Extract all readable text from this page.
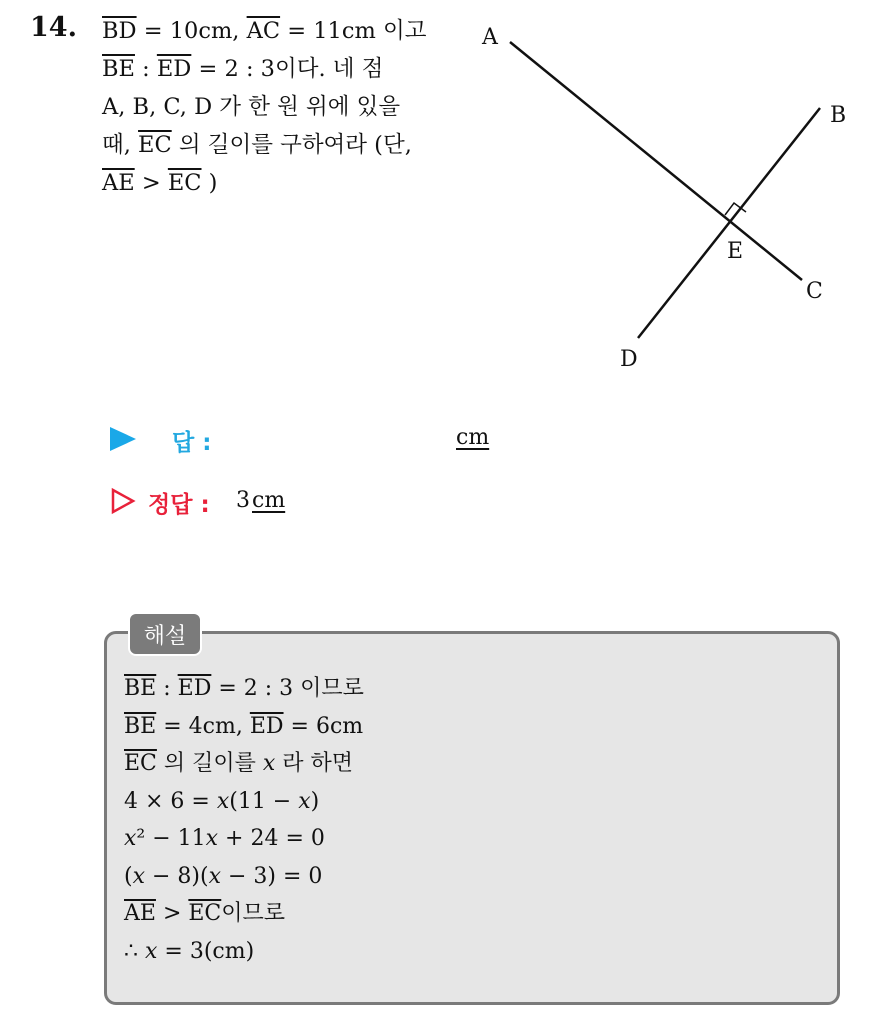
14. $\overline{BD} = 10cm$, $\overline{AC} = 11cm$ 이고
$\overline{BE}$ : $\overline{ED} = 2$ : 3이다. 네 점
A, B, C, D 가 한 원 위에 있을
때, $\overline{EC}$ 의 길이를 구하여라 (단,
$\overline{AE} > \overline{EC}$ )
A
B
C
D
E
답 :	cm
정답 : 3cm
해설
$\overline{BE}$ : $\overline{ED} = 2$ : 3 이므로
$\overline{BE} = 4cm$, $\overline{ED} = 6cm$
$\overline{EC}$ 의 길이를 𝑥 라 하면
4 × 6 = 𝑥(11 − 𝑥)
𝑥² − 11𝑥 + 24 = 0
(𝑥 − 8)(𝑥 − 3) = 0
$\overline{AE} > \overline{EC}$이므로
∴ 𝑥 = 3(cm)
